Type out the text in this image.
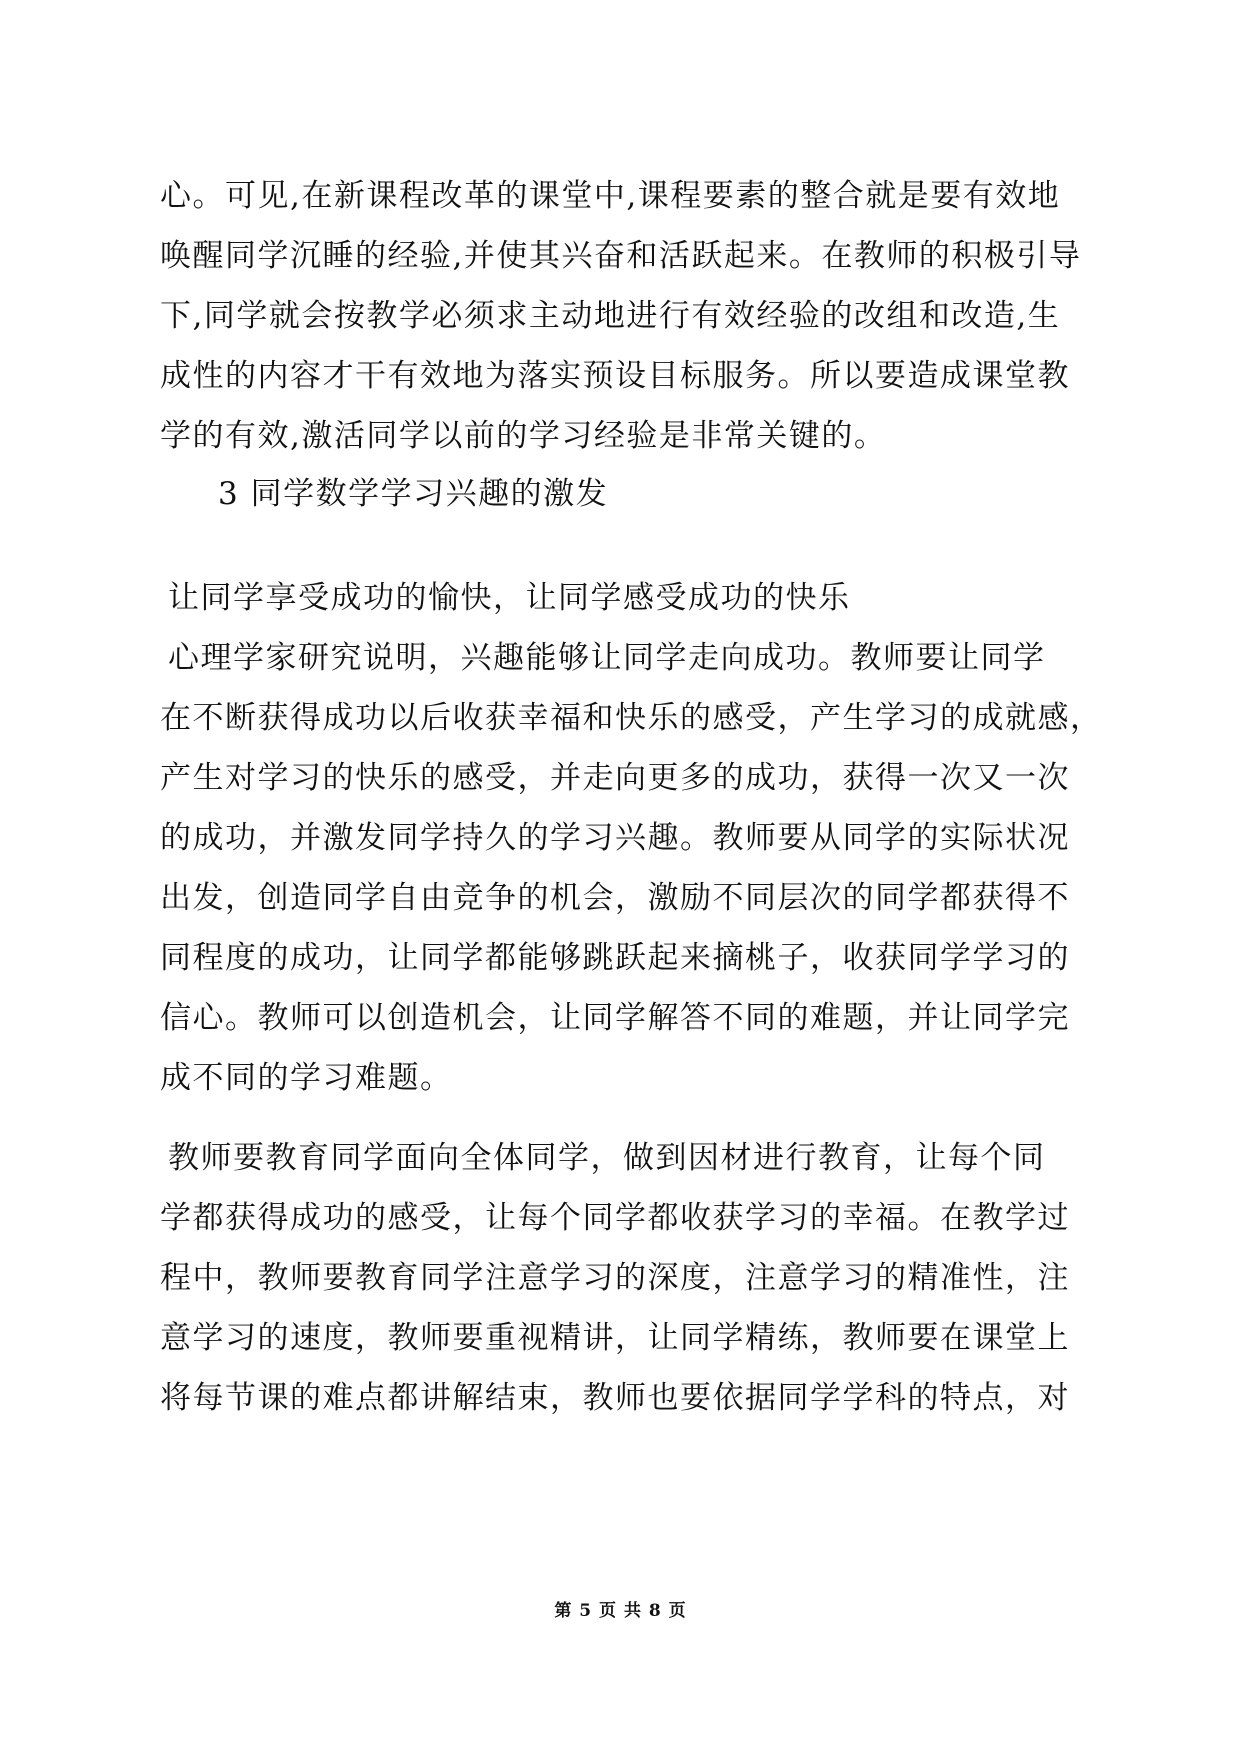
心。可见,在新课程改革的课堂中,课程要素的整合就是要有效地
唤醒同学沉睡的经验,并使其兴奋和活跃起来。在教师的积极引导
下,同学就会按教学必须求主动地进行有效经验的改组和改造,生
成性的内容才干有效地为落实预设目标服务。所以要造成课堂教
学的有效,激活同学以前的学习经验是非常关键的。
3 同学数学学习兴趣的激发
让同学享受成功的愉快，让同学感受成功的快乐
心理学家研究说明，兴趣能够让同学走向成功。教师要让同学
在不断获得成功以后收获幸福和快乐的感受，产生学习的成就感，
产生对学习的快乐的感受，并走向更多的成功，获得一次又一次
的成功，并激发同学持久的学习兴趣。教师要从同学的实际状况
出发，创造同学自由竞争的机会，激励不同层次的同学都获得不
同程度的成功，让同学都能够跳跃起来摘桃子，收获同学学习的
信心。教师可以创造机会，让同学解答不同的难题，并让同学完
成不同的学习难题。
教师要教育同学面向全体同学，做到因材进行教育，让每个同
学都获得成功的感受，让每个同学都收获学习的幸福。在教学过
程中，教师要教育同学注意学习的深度，注意学习的精准性，注
意学习的速度，教师要重视精讲，让同学精练，教师要在课堂上
将每节课的难点都讲解结束，教师也要依据同学学科的特点，对
第 5 页 共 8 页
